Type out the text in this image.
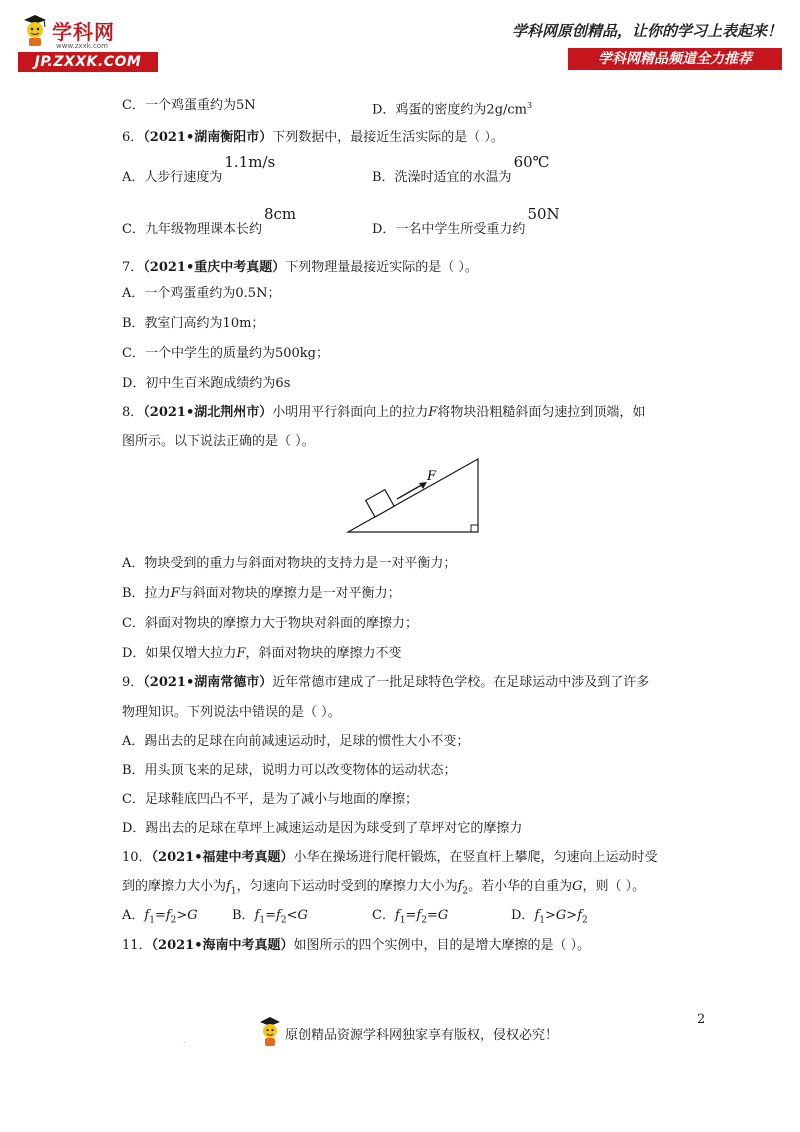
学科网
www.zxxk.com
JP.ZXXK.COM
学科网原创精品，让你的学习上表起来！
学科网精品频道全力推荐
C．一个鸡蛋重约为5N	D．鸡蛋的密度约为$2g/cm^3$
6．（2021•湖南衡阳市）下列数据中，最接近生活实际的是（ ）。
A．人步行速度为1.1m/s
B．洗澡时适宜的水温为60℃
C．九年级物理课本长约8cm
D．一名中学生所受重力约50N
7．（2021•重庆中考真题）下列物理量最接近实际的是（ ）。
A．一个鸡蛋重约为0.5N；
B．教室门高约为10m；
C．一个中学生的质量约为500kg；
D．初中生百米跑成绩约为6s
8．（2021•湖北荆州市）小明用平行斜面向上的拉力F将物块沿粗糙斜面匀速拉到顶端，如
图所示。以下说法正确的是（ ）。
F
A．物块受到的重力与斜面对物块的支持力是一对平衡力；
B．拉力F与斜面对物块的摩擦力是一对平衡力；
C．斜面对物块的摩擦力大于物块对斜面的摩擦力；
D．如果仅增大拉力F，斜面对物块的摩擦力不变
9．（2021•湖南常德市）近年常德市建成了一批足球特色学校。在足球运动中涉及到了许多
物理知识。下列说法中错误的是（ ）。
A．踢出去的足球在向前减速运动时，足球的惯性大小不变；
B．用头顶飞来的足球，说明力可以改变物体的运动状态；
C．足球鞋底凹凸不平，是为了减小与地面的摩擦；
D．踢出去的足球在草坪上减速运动是因为球受到了草坪对它的摩擦力
10．（2021•福建中考真题）小华在操场进行爬杆锻炼，在竖直杆上攀爬，匀速向上运动时受
到的摩擦力大小为$f_1$，匀速向下运动时受到的摩擦力大小为$f_2$。若小华的自重为G，则（ ）。
A．$f_1=f_2>G$	B．$f_1=f_2<G$	C．$f_1=f_2=G$	D．$f_1>G>f_2$
11．（2021•海南中考真题）如图所示的四个实例中，目的是增大摩擦的是（ ）。
2
.	原创精品资源学科网独家享有版权，侵权必究！
